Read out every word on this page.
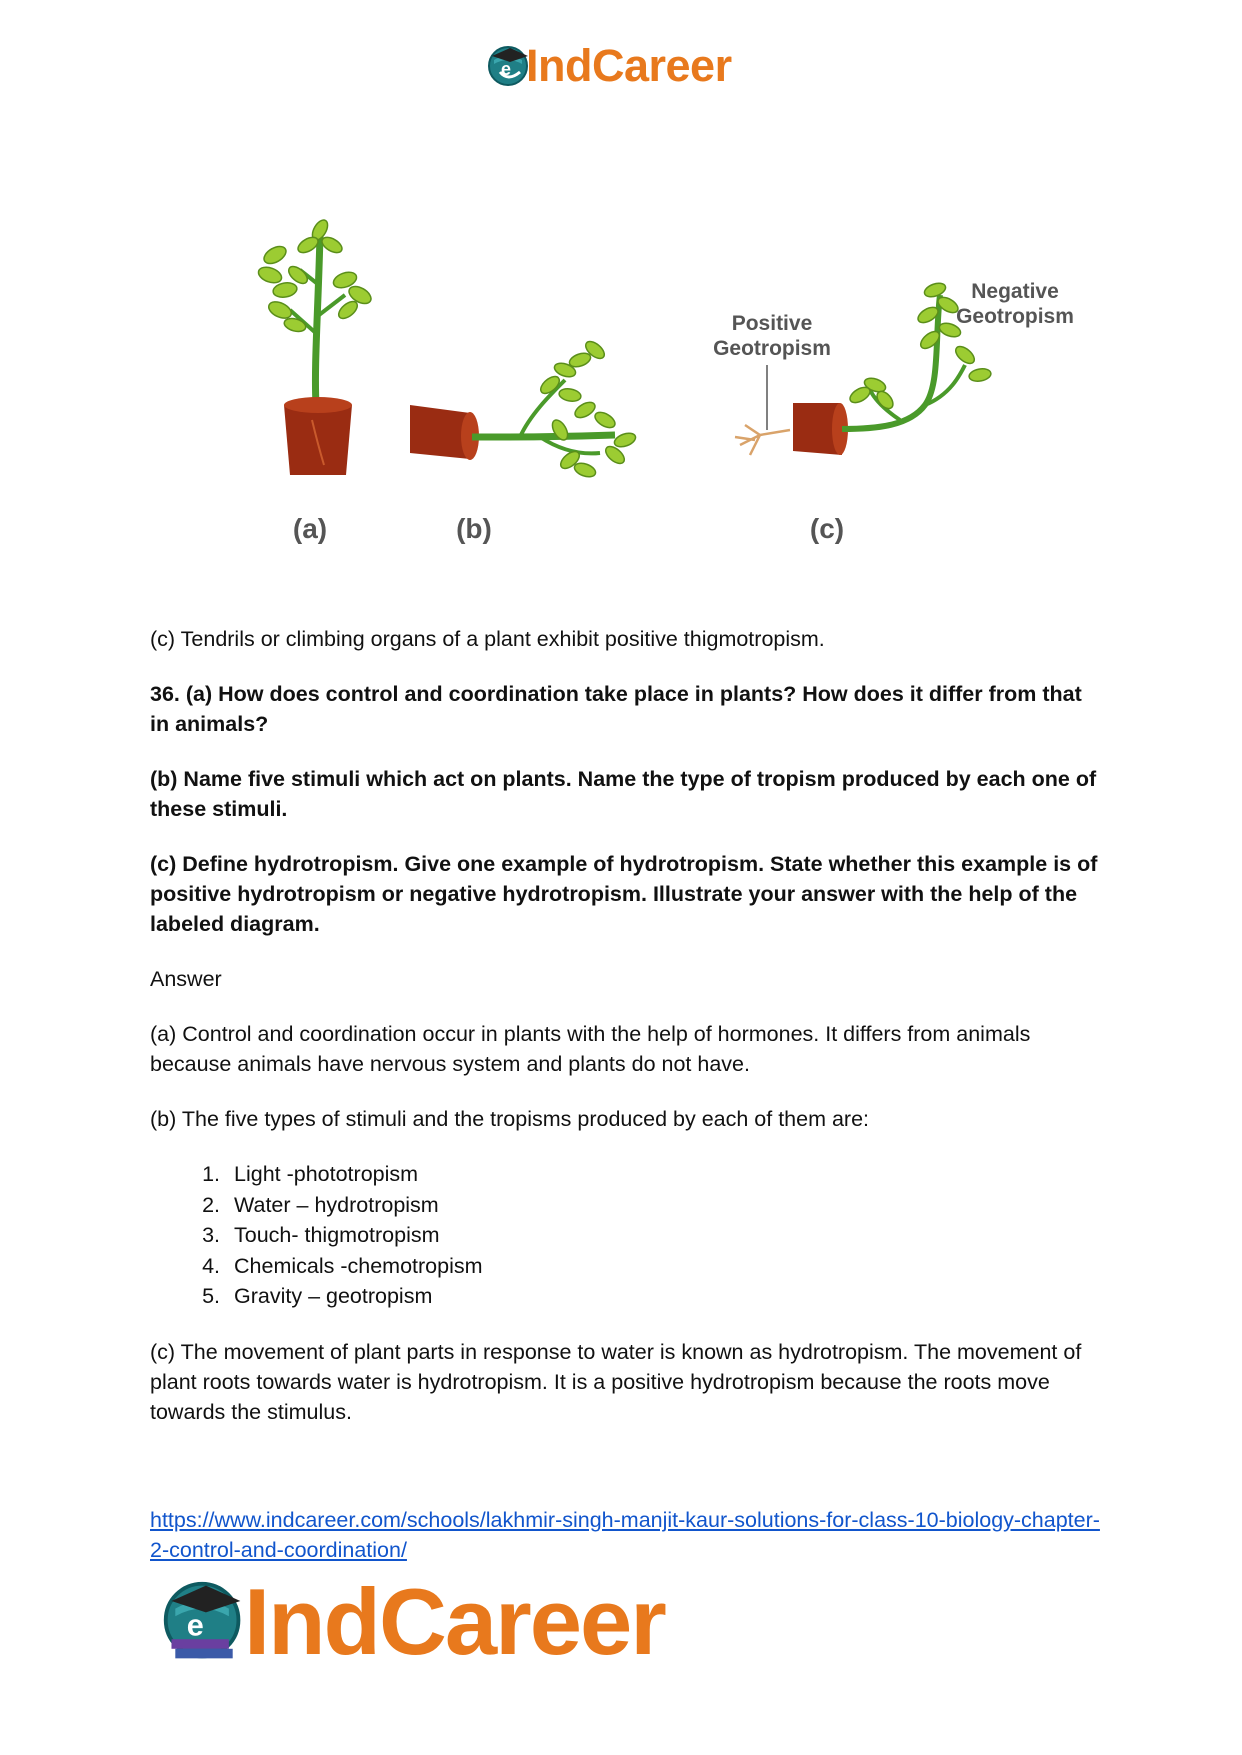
e IndCareer
Positive
Geotropism
Negative
Geotropism
(a)	(b)	(c)

(c) Tendrils or climbing organs of a plant exhibit positive thigmotropism.

36. (a) How does control and coordination take place in plants? How does it differ from that in animals?

(b) Name five stimuli which act on plants. Name the type of tropism produced by each one of these stimuli.

(c) Define hydrotropism. Give one example of hydrotropism. State whether this example is of positive hydrotropism or negative hydrotropism. Illustrate your answer with the help of the labeled diagram.

Answer

(a) Control and coordination occur in plants with the help of hormones. It differs from animals because animals have nervous system and plants do not have.

(b) The five types of stimuli and the tropisms produced by each of them are:

1. Light -phototropism
2. Water – hydrotropism
3. Touch- thigmotropism
4. Chemicals -chemotropism
5. Gravity – geotropism

(c) The movement of plant parts in response to water is known as hydrotropism. The movement of plant roots towards water is hydrotropism. It is a positive hydrotropism because the roots move towards the stimulus.

https://www.indcareer.com/schools/lakhmir-singh-manjit-kaur-solutions-for-class-10-biology-chapter-2-control-and-coordination/
e IndCareer
